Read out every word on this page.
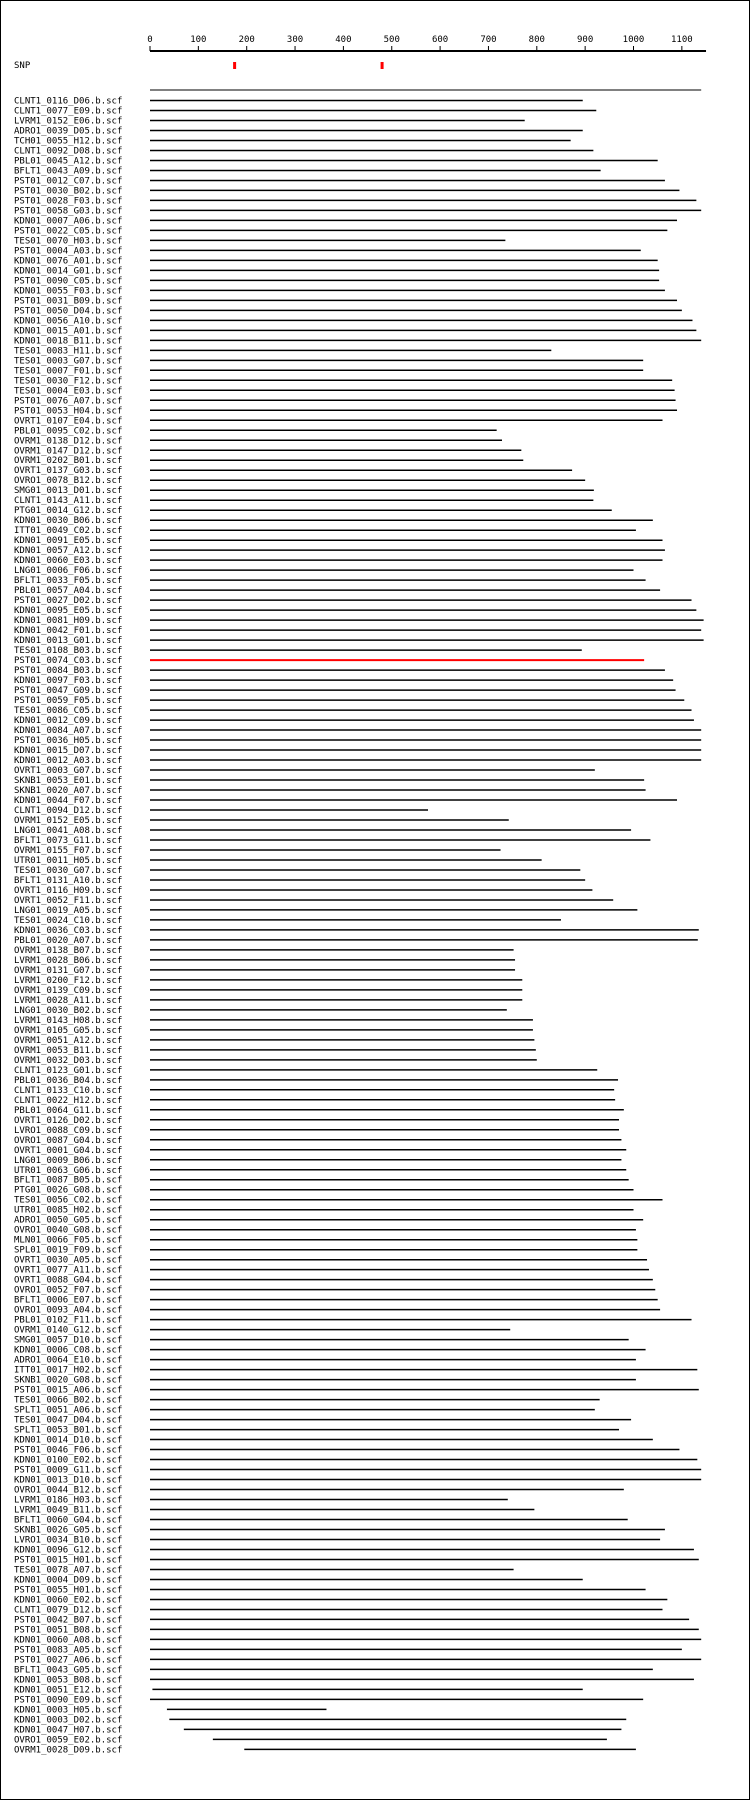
0	100	200	300	400	500	600	700	800	900	1000	1100
SNP
CLNT1_0116_D06.b.scf
CLNT1_0077_E09.b.scf
LVRM1_0152_E06.b.scf
ADRO1_0039_D05.b.scf
TCH01_0055_H12.b.scf
CLNT1_0092_D08.b.scf
PBL01_0045_A12.b.scf
BFLT1_0043_A09.b.scf
PST01_0012_C07.b.scf
PST01_0030_B02.b.scf
PST01_0028_F03.b.scf
PST01_0058_G03.b.scf
KDN01_0007_A06.b.scf
PST01_0022_C05.b.scf
TES01_0070_H03.b.scf
PST01_0004_A03.b.scf
KDN01_0076_A01.b.scf
KDN01_0014_G01.b.scf
PST01_0090_C05.b.scf
KDN01_0055_F03.b.scf
PST01_0031_B09.b.scf
PST01_0050_D04.b.scf
KDN01_0056_A10.b.scf
KDN01_0015_A01.b.scf
KDN01_0018_B11.b.scf
TES01_0083_H11.b.scf
TES01_0003_G07.b.scf
TES01_0007_F01.b.scf
TES01_0030_F12.b.scf
TES01_0004_E03.b.scf
PST01_0076_A07.b.scf
PST01_0053_H04.b.scf
OVRT1_0107_E04.b.scf
PBL01_0095_C02.b.scf
OVRM1_0138_D12.b.scf
OVRM1_0147_D12.b.scf
OVRM1_0202_B01.b.scf
OVRT1_0137_G03.b.scf
OVRO1_0078_B12.b.scf
SMG01_0013_D01.b.scf
CLNT1_0143_A11.b.scf
PTG01_0014_G12.b.scf
KDN01_0030_B06.b.scf
ITT01_0049_C02.b.scf
KDN01_0091_E05.b.scf
KDN01_0057_A12.b.scf
KDN01_0060_E03.b.scf
LNG01_0006_F06.b.scf
BFLT1_0033_F05.b.scf
PBL01_0057_A04.b.scf
PST01_0027_D02.b.scf
KDN01_0095_E05.b.scf
KDN01_0081_H09.b.scf
KDN01_0042_F01.b.scf
KDN01_0013_G01.b.scf
TES01_0108_B03.b.scf
PST01_0074_C03.b.scf
PST01_0084_B03.b.scf
KDN01_0097_F03.b.scf
PST01_0047_G09.b.scf
PST01_0059_F05.b.scf
TES01_0086_C05.b.scf
KDN01_0012_C09.b.scf
KDN01_0084_A07.b.scf
PST01_0036_H05.b.scf
KDN01_0015_D07.b.scf
KDN01_0012_A03.b.scf
OVRT1_0003_G07.b.scf
SKNB1_0053_E01.b.scf
SKNB1_0020_A07.b.scf
KDN01_0044_F07.b.scf
CLNT1_0094_D12.b.scf
OVRM1_0152_E05.b.scf
LNG01_0041_A08.b.scf
BFLT1_0073_G11.b.scf
OVRM1_0155_F07.b.scf
UTR01_0011_H05.b.scf
TES01_0030_G07.b.scf
BFLT1_0131_A10.b.scf
OVRT1_0116_H09.b.scf
OVRT1_0052_F11.b.scf
LNG01_0019_A05.b.scf
TES01_0024_C10.b.scf
KDN01_0036_C03.b.scf
PBL01_0020_A07.b.scf
OVRM1_0138_B07.b.scf
LVRM1_0028_B06.b.scf
OVRM1_0131_G07.b.scf
LVRM1_0200_F12.b.scf
OVRM1_0139_C09.b.scf
LVRM1_0028_A11.b.scf
LNG01_0030_B02.b.scf
LVRM1_0143_H08.b.scf
OVRM1_0105_G05.b.scf
OVRM1_0051_A12.b.scf
OVRM1_0053_B11.b.scf
OVRM1_0032_D03.b.scf
CLNT1_0123_G01.b.scf
PBL01_0036_B04.b.scf
CLNT1_0133_C10.b.scf
CLNT1_0022_H12.b.scf
PBL01_0064_G11.b.scf
OVRT1_0126_D02.b.scf
LVRO1_0088_C09.b.scf
OVRO1_0087_G04.b.scf
OVRT1_0001_G04.b.scf
LNG01_0009_B06.b.scf
UTR01_0063_G06.b.scf
BFLT1_0087_B05.b.scf
PTG01_0026_G08.b.scf
TES01_0056_C02.b.scf
UTR01_0085_H02.b.scf
ADRO1_0050_G05.b.scf
OVRO1_0040_G08.b.scf
MLN01_0066_F05.b.scf
SPL01_0019_F09.b.scf
OVRT1_0030_A05.b.scf
OVRT1_0077_A11.b.scf
OVRT1_0088_G04.b.scf
OVRO1_0052_F07.b.scf
BFLT1_0006_E07.b.scf
OVRO1_0093_A04.b.scf
PBL01_0102_F11.b.scf
OVRM1_0140_G12.b.scf
SMG01_0057_D10.b.scf
KDN01_0006_C08.b.scf
ADRO1_0064_E10.b.scf
ITT01_0017_H02.b.scf
SKNB1_0020_G08.b.scf
PST01_0015_A06.b.scf
TES01_0066_B02.b.scf
SPLT1_0051_A06.b.scf
TES01_0047_D04.b.scf
SPLT1_0053_B01.b.scf
KDN01_0014_D10.b.scf
PST01_0046_F06.b.scf
KDN01_0100_E02.b.scf
PST01_0009_G11.b.scf
KDN01_0013_D10.b.scf
OVRO1_0044_B12.b.scf
LVRM1_0186_H03.b.scf
LVRM1_0049_B11.b.scf
BFLT1_0060_G04.b.scf
SKNB1_0026_G05.b.scf
LVRO1_0034_B10.b.scf
KDN01_0096_G12.b.scf
PST01_0015_H01.b.scf
TES01_0078_A07.b.scf
KDN01_0004_D09.b.scf
PST01_0055_H01.b.scf
KDN01_0060_E02.b.scf
CLNT1_0079_D12.b.scf
PST01_0042_B07.b.scf
PST01_0051_B08.b.scf
KDN01_0060_A08.b.scf
PST01_0083_A05.b.scf
PST01_0027_A06.b.scf
BFLT1_0043_G05.b.scf
KDN01_0053_B08.b.scf
KDN01_0051_E12.b.scf
PST01_0090_E09.b.scf
KDN01_0003_H05.b.scf
KDN01_0003_D02.b.scf
KDN01_0047_H07.b.scf
OVRO1_0059_E02.b.scf
OVRM1_0028_D09.b.scf
